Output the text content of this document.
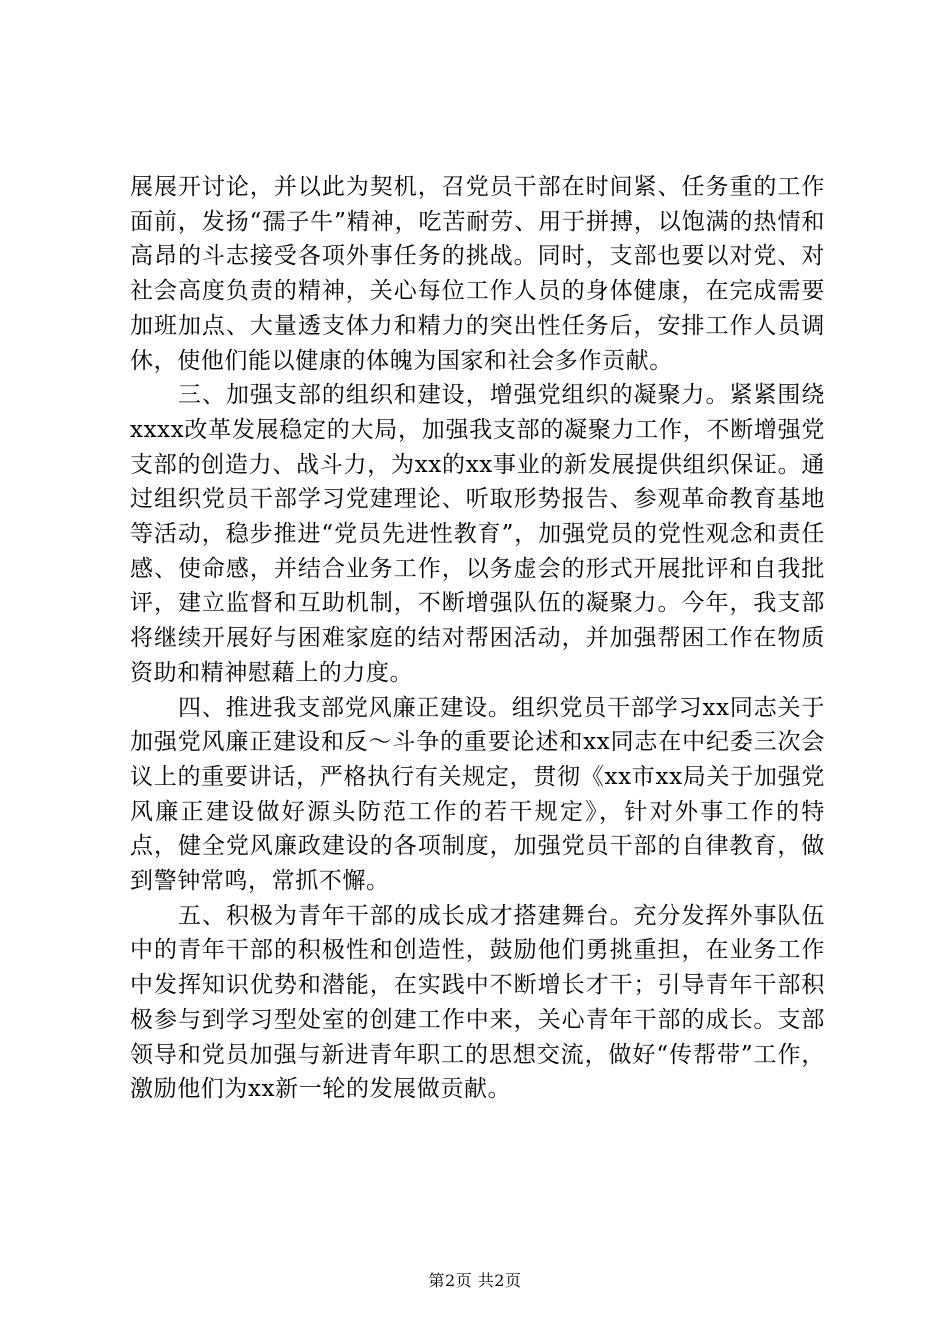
展展开讨论，并以此为契机，召党员干部在时间紧、任务重的工作面前，发扬“孺子牛”精神，吃苦耐劳、用于拼搏，以饱满的热情和高昂的斗志接受各项外事任务的挑战。同时，支部也要以对党、对社会高度负责的精神，关心每位工作人员的身体健康，在完成需要加班加点、大量透支体力和精力的突出性任务后，安排工作人员调休，使他们能以健康的体魄为国家和社会多作贡献。

三、加强支部的组织和建设，增强党组织的凝聚力。紧紧围绕xxxx改革发展稳定的大局，加强我支部的凝聚力工作，不断增强党支部的创造力、战斗力，为xx的xx事业的新发展提供组织保证。通过组织党员干部学习党建理论、听取形势报告、参观革命教育基地等活动，稳步推进“党员先进性教育”，加强党员的党性观念和责任感、使命感，并结合业务工作，以务虚会的形式开展批评和自我批评，建立监督和互助机制，不断增强队伍的凝聚力。今年，我支部将继续开展好与困难家庭的结对帮困活动，并加强帮困工作在物质资助和精神慰藉上的力度。

四、推进我支部党风廉正建设。组织党员干部学习xx同志关于加强党风廉正建设和反～斗争的重要论述和xx同志在中纪委三次会议上的重要讲话，严格执行有关规定，贯彻《xx市xx局关于加强党风廉正建设做好源头防范工作的若干规定》，针对外事工作的特点，健全党风廉政建设的各项制度，加强党员干部的自律教育，做到警钟常鸣，常抓不懈。

五、积极为青年干部的成长成才搭建舞台。充分发挥外事队伍中的青年干部的积极性和创造性，鼓励他们勇挑重担，在业务工作中发挥知识优势和潜能，在实践中不断增长才干；引导青年干部积极参与到学习型处室的创建工作中来，关心青年干部的成长。支部领导和党员加强与新进青年职工的思想交流，做好“传帮带”工作，激励他们为xx新一轮的发展做贡献。

第2页 共2页
